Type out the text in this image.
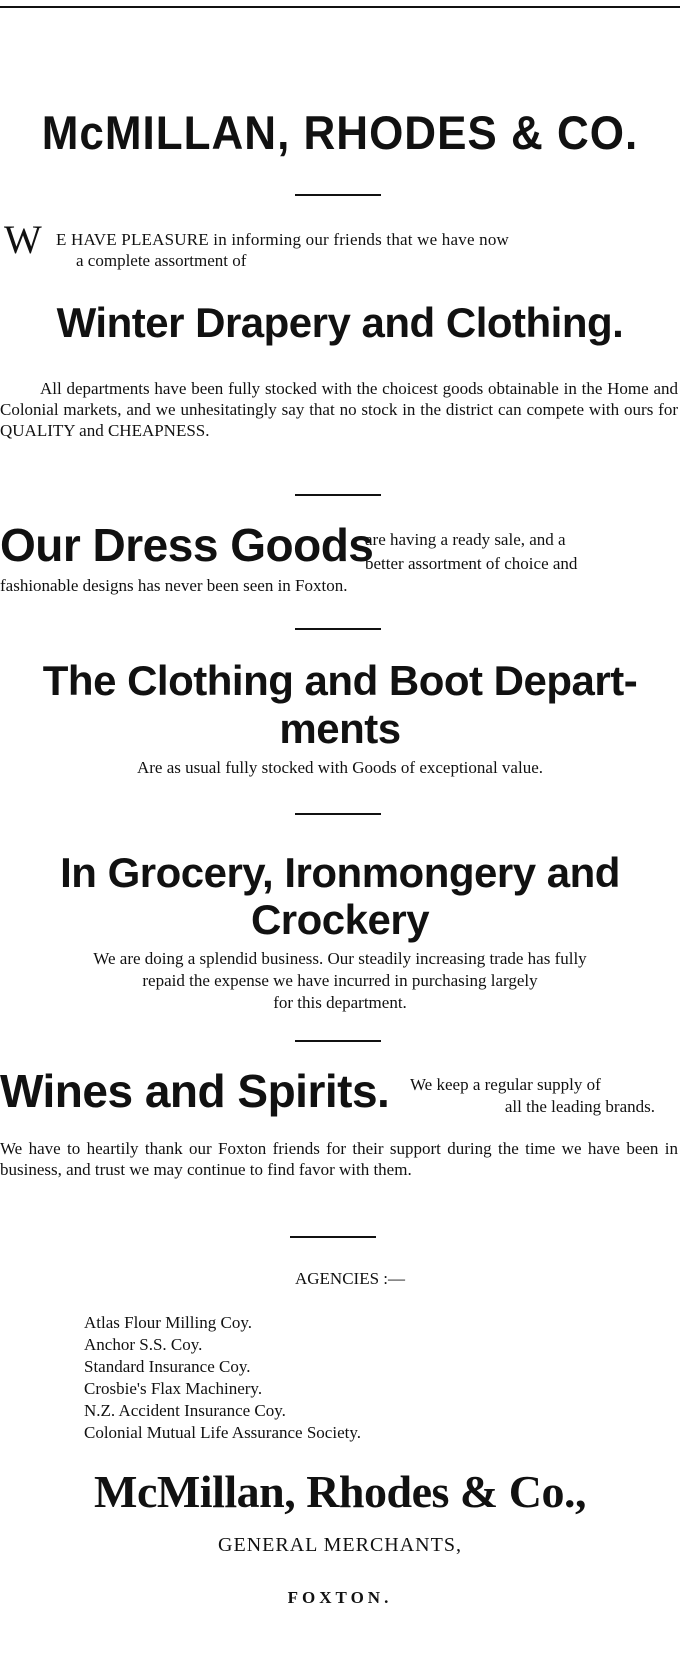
McMILLAN, RHODES & CO.
W E HAVE PLEASURE in informing our friends that we have now
a complete assortment of
Winter Drapery and Clothing.
All departments have been fully stocked with the choicest goods obtainable in the Home and Colonial markets, and we unhesitatingly say that no stock in the district can compete with ours for QUALITY and CHEAPNESS.
Our Dress Goods
are having a ready sale, and a
better assortment of choice and
fashionable designs has never been seen in Foxton.
The Clothing and Boot Depart-
ments
Are as usual fully stocked with Goods of exceptional value.
In Grocery, Ironmongery and
Crockery
We are doing a splendid business. Our steadily increasing trade has fully
repaid the expense we have incurred in purchasing largely
for this department.
Wines and Spirits. We keep a regular supply of
all the leading brands.
We have to heartily thank our Foxton friends for their support during the time we have been in business, and trust we may continue to find favor with them.
AGENCIES :—
Atlas Flour Milling Coy.
Anchor S.S. Coy.
Standard Insurance Coy.
Crosbie's Flax Machinery.
N.Z. Accident Insurance Coy.
Colonial Mutual Life Assurance Society.
McMillan, Rhodes & Co.,
GENERAL MERCHANTS,
FOXTON.
